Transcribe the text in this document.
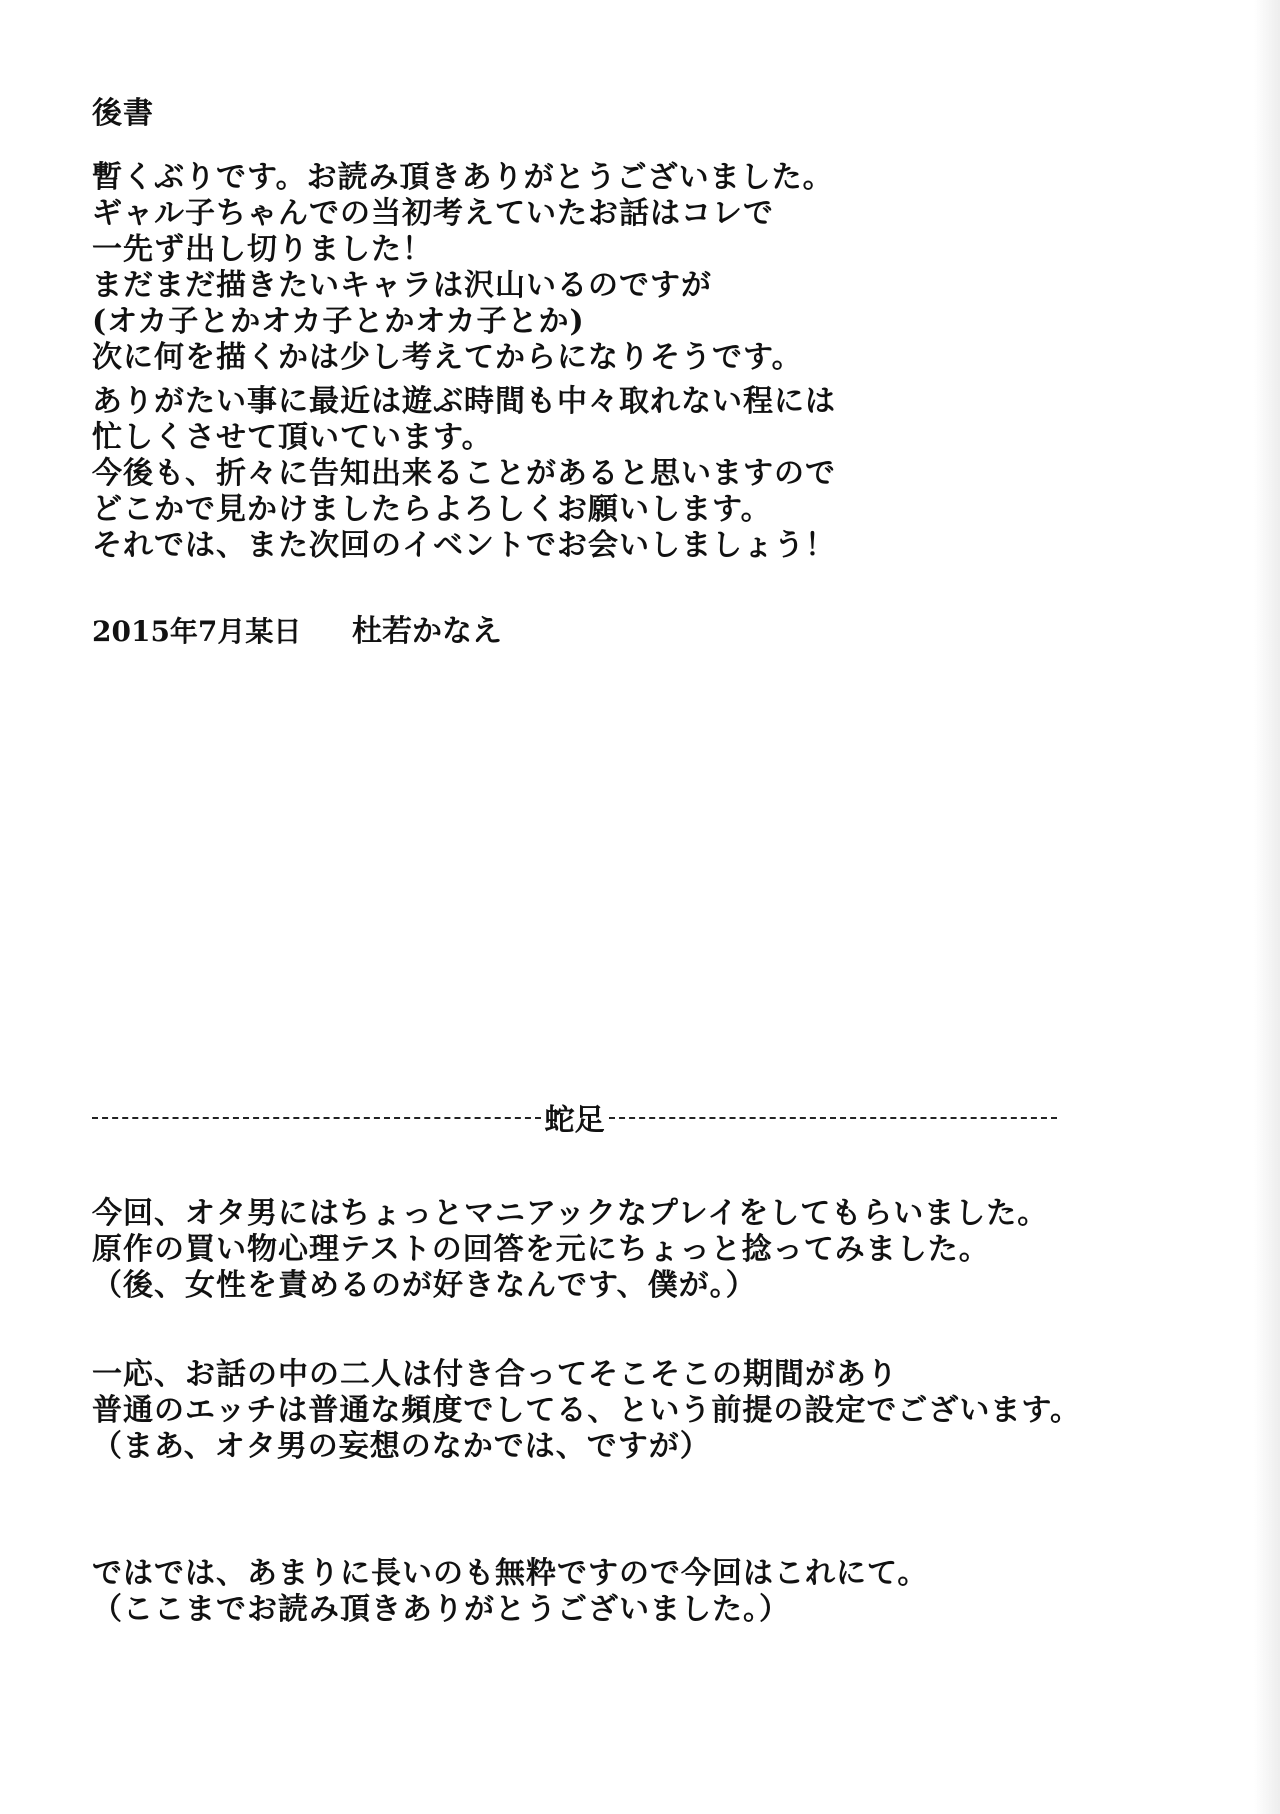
後書
暫くぶりです。お読み頂きありがとうございました。
ギャル子ちゃんでの当初考えていたお話はコレで
一先ず出し切りました！
まだまだ描きたいキャラは沢山いるのですが
(オカ子とかオカ子とかオカ子とか)
次に何を描くかは少し考えてからになりそうです。
ありがたい事に最近は遊ぶ時間も中々取れない程には
忙しくさせて頂いています。
今後も、折々に告知出来ることがあると思いますので
どこかで見かけましたらよろしくお願いします。
それでは、また次回のイベントでお会いしましょう！
2015年7月某日 杜若かなえ
蛇足
今回、オタ男にはちょっとマニアックなプレイをしてもらいました。
原作の買い物心理テストの回答を元にちょっと捻ってみました。
（後、女性を責めるのが好きなんです、僕が。）
一応、お話の中の二人は付き合ってそこそこの期間があり
普通のエッチは普通な頻度でしてる、という前提の設定でございます。
（まあ、オタ男の妄想のなかでは、ですが）
ではでは、あまりに長いのも無粋ですので今回はこれにて。
（ここまでお読み頂きありがとうございました。）
